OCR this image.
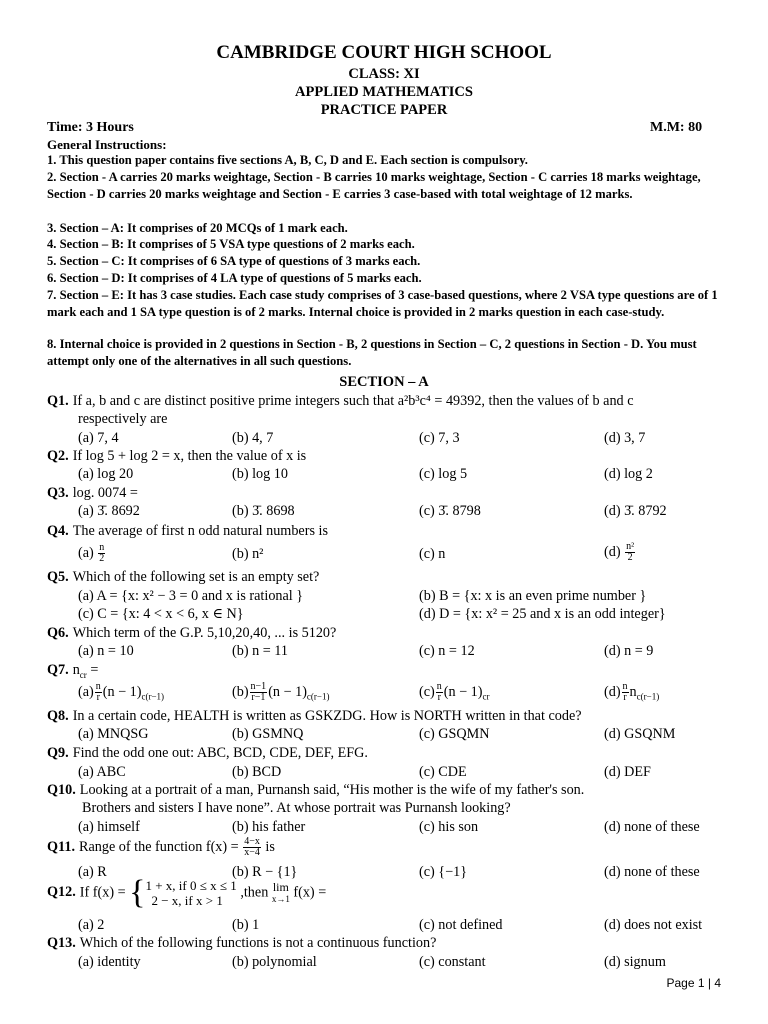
CAMBRIDGE COURT HIGH SCHOOL
CLASS: XI
APPLIED MATHEMATICS
PRACTICE PAPER
Time: 3 Hours	M.M: 80
General Instructions:
1. This question paper contains five sections A, B, C, D and E. Each section is compulsory.
2. Section - A carries 20 marks weightage, Section - B carries 10 marks weightage, Section - C carries 18 marks weightage, Section - D carries 20 marks weightage and Section - E carries 3 case-based with total weightage of 12 marks.
3. Section – A: It comprises of 20 MCQs of 1 mark each.
4. Section – B: It comprises of 5 VSA type questions of 2 marks each.
5. Section – C: It comprises of 6 SA type of questions of 3 marks each.
6. Section – D: It comprises of 4 LA type of questions of 5 marks each.
7. Section – E: It has 3 case studies. Each case study comprises of 3 case-based questions, where 2 VSA type questions are of 1 mark each and 1 SA type question is of 2 marks. Internal choice is provided in 2 marks question in each case-study.
8. Internal choice is provided in 2 questions in Section - B, 2 questions in Section – C, 2 questions in Section - D. You must attempt only one of the alternatives in all such questions.
SECTION – A
Q1. If a, b and c are distinct positive prime integers such that a²b³c⁴ = 49392, then the values of b and c
respectively are
(a) 7, 4	(b) 4, 7	(c) 7, 3	(d) 3, 7
Q2. If log 5 + log 2 = x, then the value of x is
(a) log 20	(b) log 10	(c) log 5	(d) log 2
Q3. log. 0074 =
(a) 3̄. 8692	(b) 3̄. 8698	(c) 3̄. 8798	(d) 3̄. 8792
Q4. The average of first n odd natural numbers is
$(a) \frac{n}{2}$	(b) n²	(c) n	$(d) \frac{\text{n²}}{2}$
Q5. Which of the following set is an empty set?
(a) A = {x: x² − 3 = 0 and x is rational }	(b) B = {x: x is an even prime number }
(c) C = {x: 4 < x < 6, x ∈ N}	(d) D = {x: x² = 25 and x is an odd integer}
Q6. Which term of the G.P. 5,10,20,40, ... is 5120?
(a) n = 10	(b) n = 11	(c) n = 12	(d) n = 9
Q7. $n_{cr}$ =
$(a) \frac{n}{r} (n - 1)_{c(r-1)}$	$(b) \frac{n-1}{r-1} (n - 1)_{c(r-1)}$	$(c) \frac{n}{r} (n - 1)_{cr}$	$(d) \frac{n}{r} n_{c(r-1)}$
Q8. In a certain code, HEALTH is written as GSKZDG. How is NORTH written in that code?
(a) MNQSG	(b) GSMNQ	(c) GSQMN	(d) GSQNM
Q9. Find the odd one out: ABC, BCD, CDE, DEF, EFG.
(a) ABC	(b) BCD	(c) CDE	(d) DEF
Q10. Looking at a portrait of a man, Purnansh said, “His mother is the wife of my father's son.
Brothers and sisters I have none”. At whose portrait was Purnansh looking?
(a) himself	(b) his father	(c) his son	(d) none of these
Q11. Range of the function $f(x) = \frac{4-x}{x-4}$ is
(a) R	(b) R − {1}	(c) {−1}	(d) none of these
Q12. If f(x) = { 1 + x, if 0 ≤ x ≤ 1
2 − x, if x > 1
,then lim
x→1 f(x) =
(a) 2	(b) 1	(c) not defined	(d) does not exist
Q13. Which of the following functions is not a continuous function?
(a) identity	(b) polynomial	(c) constant	(d) signum
Page 1 | 4
